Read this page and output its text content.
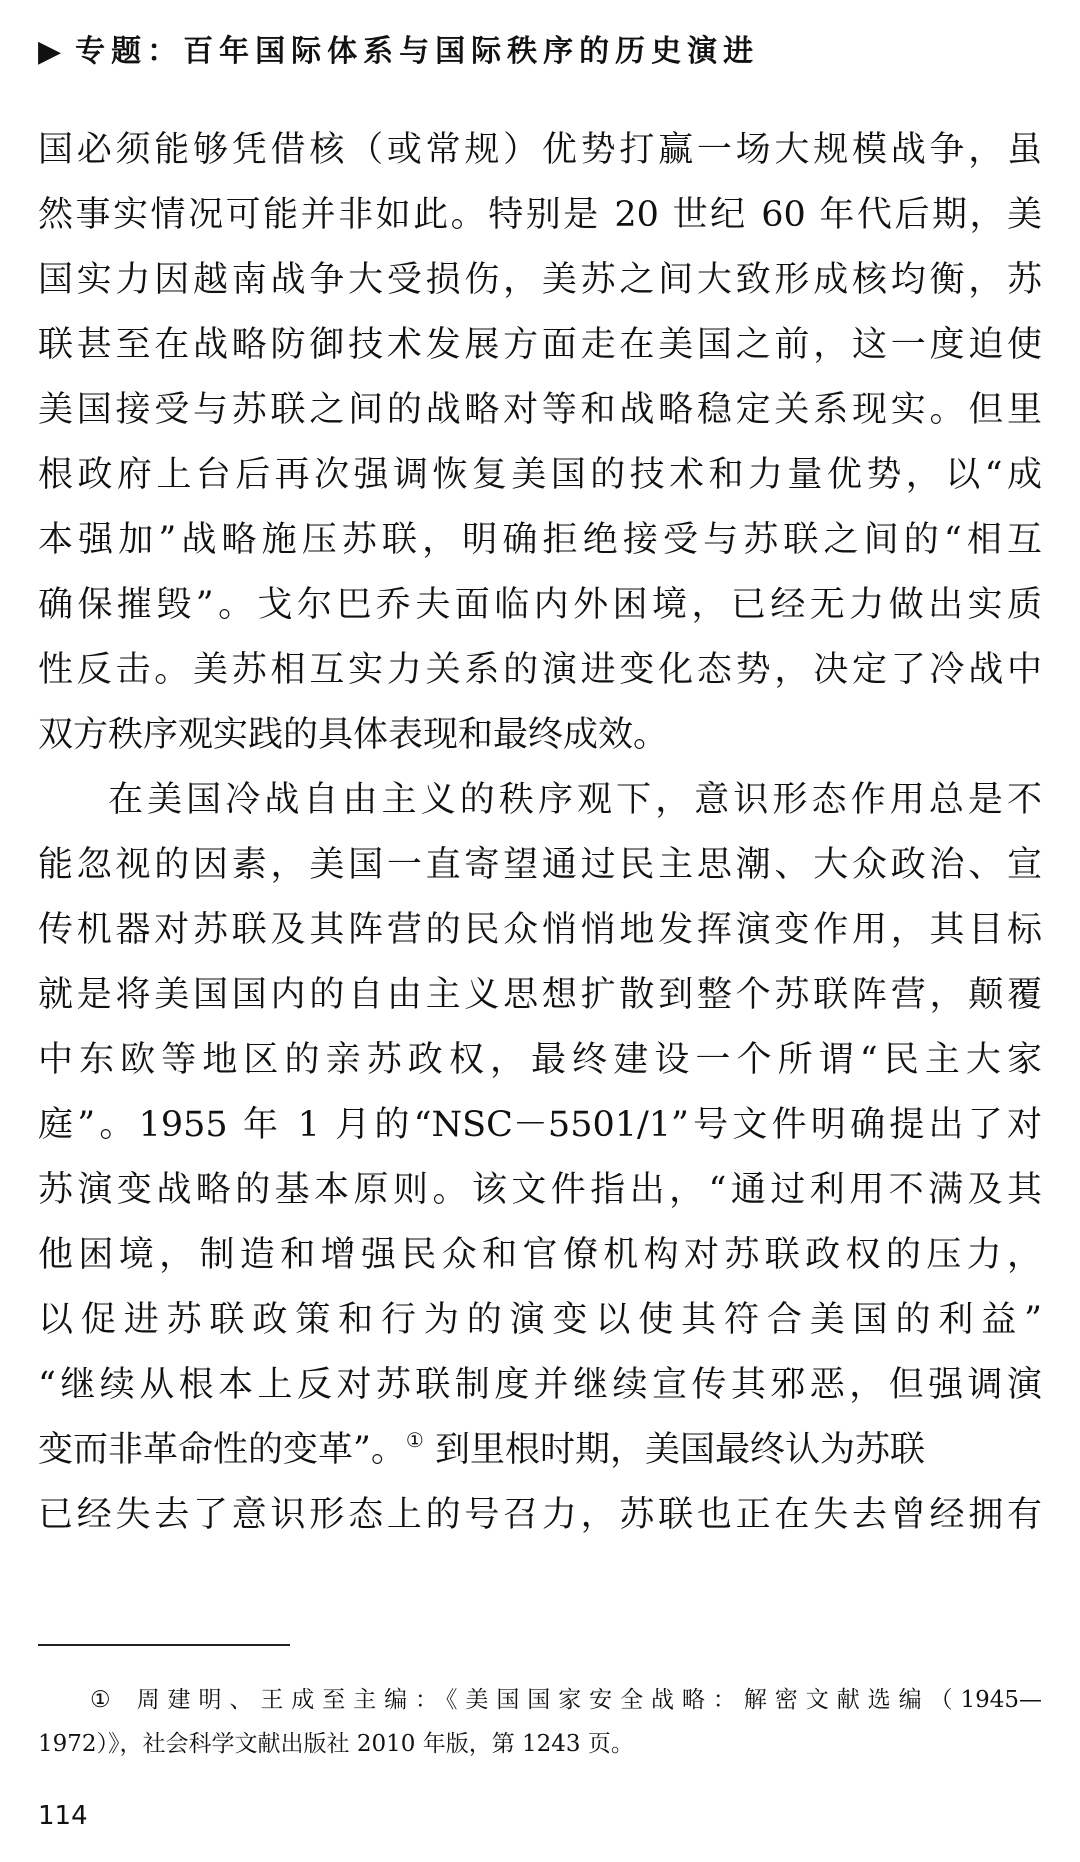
▶ 专题：百年国际体系与国际秩序的历史演进
国必须能够凭借核（或常规）优势打赢一场大规模战争，虽
然事实情况可能并非如此。特别是 20 世纪 60 年代后期，美
国实力因越南战争大受损伤，美苏之间大致形成核均衡，苏
联甚至在战略防御技术发展方面走在美国之前，这一度迫使
美国接受与苏联之间的战略对等和战略稳定关系现实。但里
根政府上台后再次强调恢复美国的技术和力量优势，以“成
本强加”战略施压苏联，明确拒绝接受与苏联之间的“相互
确保摧毁”。戈尔巴乔夫面临内外困境，已经无力做出实质
性反击。美苏相互实力关系的演进变化态势，决定了冷战中
双方秩序观实践的具体表现和最终成效。
在美国冷战自由主义的秩序观下，意识形态作用总是不
能忽视的因素，美国一直寄望通过民主思潮、大众政治、宣
传机器对苏联及其阵营的民众悄悄地发挥演变作用，其目标
就是将美国国内的自由主义思想扩散到整个苏联阵营，颠覆
中东欧等地区的亲苏政权，最终建设一个所谓“民主大家
庭”。1955 年 1 月的“NSC－5501/1”号文件明确提出了对
苏演变战略的基本原则。该文件指出，“通过利用不满及其
他困境，制造和增强民众和官僚机构对苏联政权的压力，
以促进苏联政策和行为的演变以使其符合美国的利益”
“继续从根本上反对苏联制度并继续宣传其邪恶，但强调演
变而非革命性的变革”。① 到里根时期，美国最终认为苏联
已经失去了意识形态上的号召力，苏联也正在失去曾经拥有
① 周建明、王成至主编：《美国国家安全战略：解密文献选编（1945—
1972）》，社会科学文献出版社 2010 年版，第 1243 页。
114
